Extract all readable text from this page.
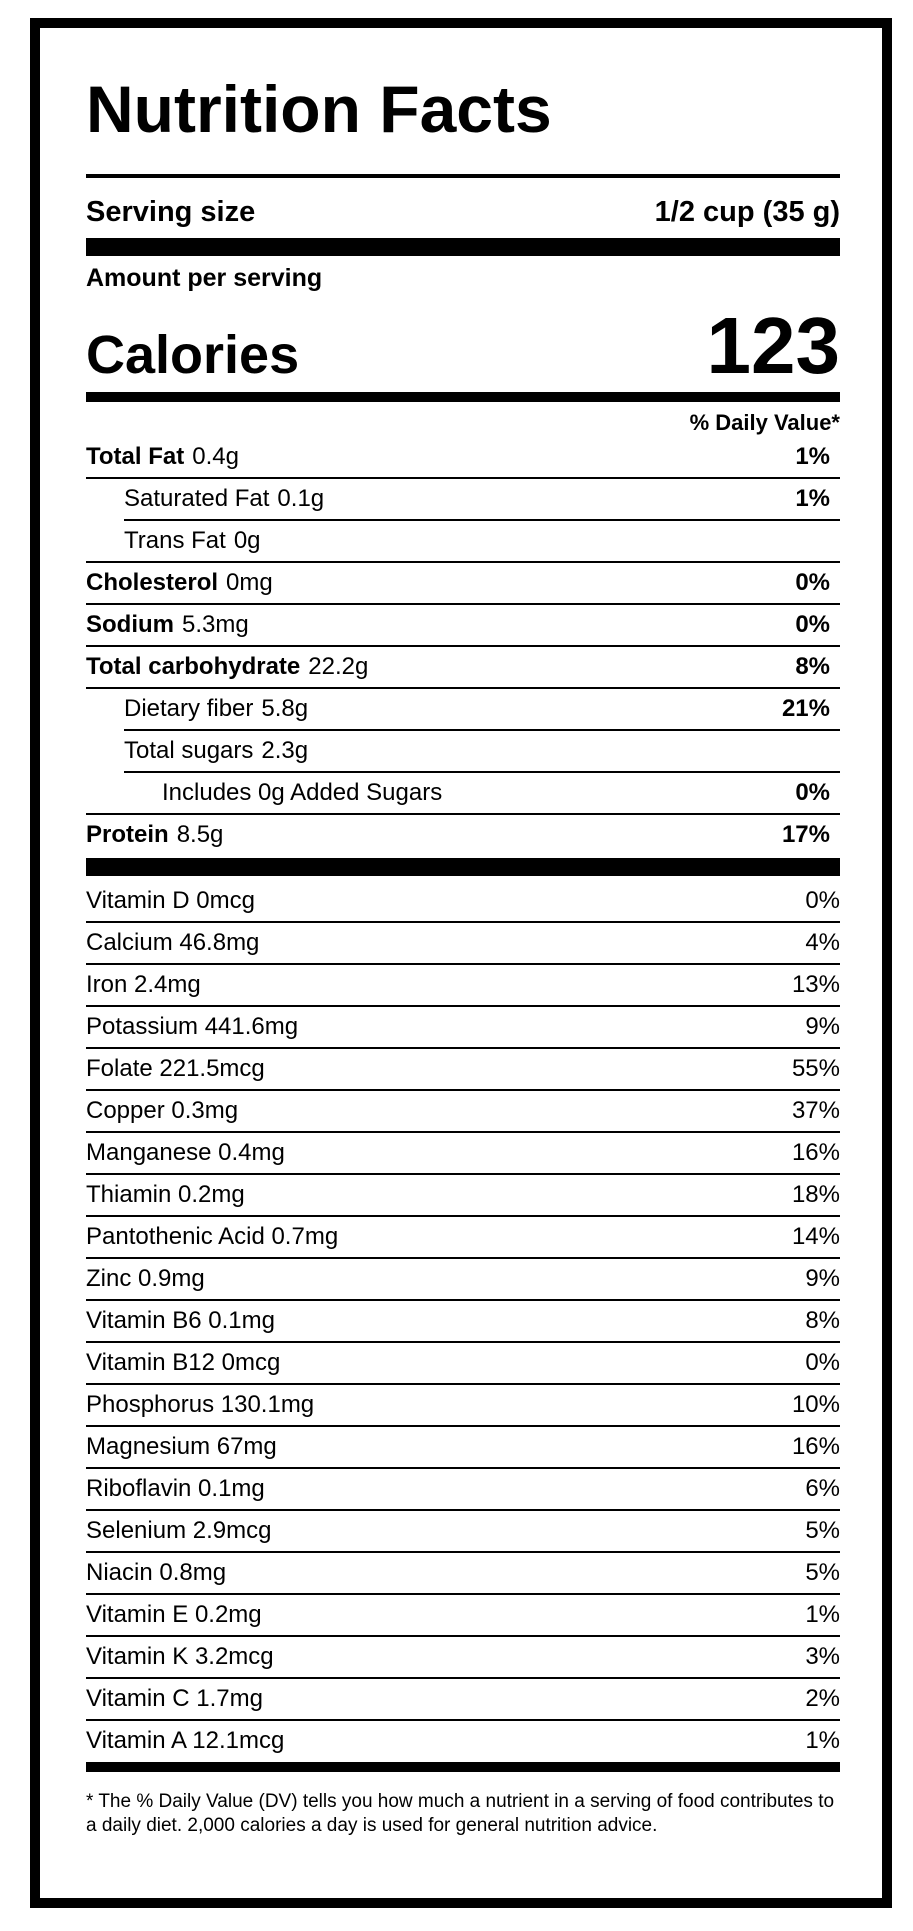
Nutrition Facts
Serving size	1/2 cup (35 g)
Amount per serving
Calories	123
% Daily Value*
Total Fat 0.4g	1%
Saturated Fat 0.1g	1%
Trans Fat 0g
Cholesterol 0mg	0%
Sodium 5.3mg	0%
Total carbohydrate 22.2g	8%
Dietary fiber 5.8g	21%
Total sugars 2.3g
Includes 0g Added Sugars	0%
Protein 8.5g	17%
Vitamin D 0mcg	0%
Calcium 46.8mg	4%
Iron 2.4mg	13%
Potassium 441.6mg	9%
Folate 221.5mcg	55%
Copper 0.3mg	37%
Manganese 0.4mg	16%
Thiamin 0.2mg	18%
Pantothenic Acid 0.7mg	14%
Zinc 0.9mg	9%
Vitamin B6 0.1mg	8%
Vitamin B12 0mcg	0%
Phosphorus 130.1mg	10%
Magnesium 67mg	16%
Riboflavin 0.1mg	6%
Selenium 2.9mcg	5%
Niacin 0.8mg	5%
Vitamin E 0.2mg	1%
Vitamin K 3.2mcg	3%
Vitamin C 1.7mg	2%
Vitamin A 12.1mcg	1%
* The % Daily Value (DV) tells you how much a nutrient in a serving of food contributes to a daily diet. 2,000 calories a day is used for general nutrition advice.
